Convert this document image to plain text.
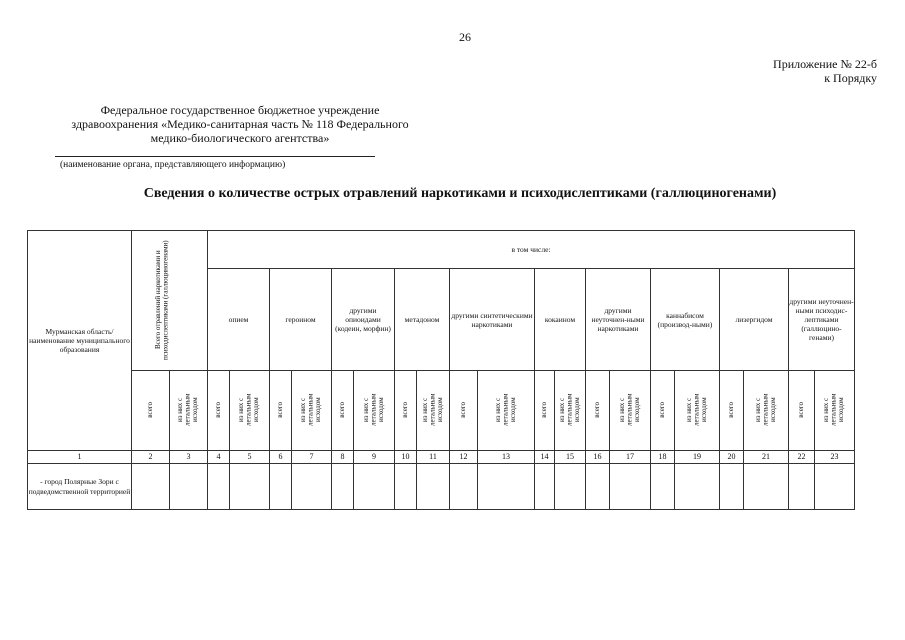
26
Приложение № 22-б
к Порядку
Федеральное государственное бюджетное учреждение
здравоохранения «Медико-санитарная часть № 118 Федерального
медико-биологического агентства»
(наименование органа, представляющего информацию)
Сведения о количестве острых отравлений наркотиками и психодислептиками (галлюциногенами)
Мурманская область/наименование муниципального образования	Всего отравлений наркотиками и психодислептиками (галлюциногенами)		в том числе:																			
			опием		героином		другими опиоидами (кодеин, морфин)		метадоном		другими синтетическими наркотиками		кокаином		другими неуточнен-ными наркотиками		каннабисом (производ-ными)		лизергидом		другими неуточнен-ными психодис-лептиками (галлюцино-генами)	
	всего	из них с летальным исходом	всего	из них с летальным исходом	всего	из них с летальным исходом	всего	из них с летальным исходом	всего	из них с летальным исходом	всего	из них с летальным исходом	всего	из них с летальным исходом	всего	из них с летальным исходом	всего	из них с летальным исходом	всего	из них с летальным исходом	всего	из них с летальным исходом
1	2	3	4	5	6	7	8	9	10	11	12	13	14	15	16	17	18	19	20	21	22	23
- город Полярные Зори с подведомственной территорией																						
